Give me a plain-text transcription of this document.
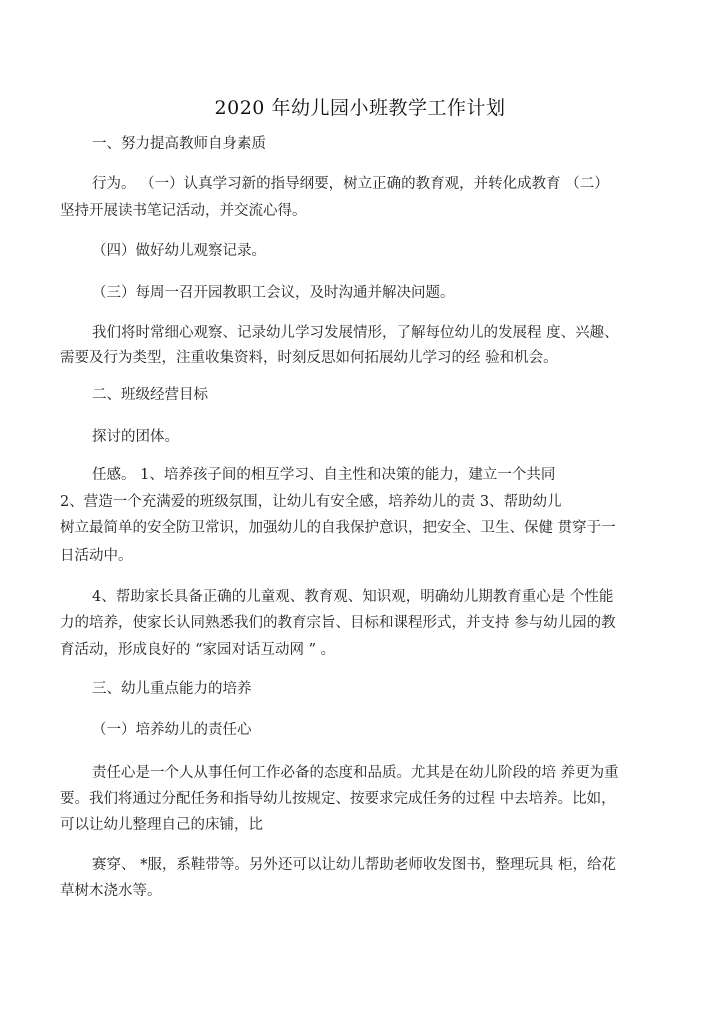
2020 年幼儿园小班教学工作计划
一、努力提高教师自身素质
行为。 （一）认真学习新的指导纲要，树立正确的教育观，并转化成教育 （二）
坚持开展读书笔记活动，并交流心得。
（四）做好幼儿观察记录。
（三）每周一召开园教职工会议，及时沟通并解决问题。
我们将时常细心观察、记录幼儿学习发展情形，了解每位幼儿的发展程 度、兴趣、
需要及行为类型，注重收集资料，时刻反思如何拓展幼儿学习的经 验和机会。
二、班级经营目标
探讨的团体。
任感。 1、培养孩子间的相互学习、自主性和决策的能力，建立一个共同
2、营造一个充满爱的班级氛围，让幼儿有安全感，培养幼儿的责 3、帮助幼儿
树立最简单的安全防卫常识，加强幼儿的自我保护意识，把安全、卫生、保健 贯穿于一
日活动中。
4、帮助家长具备正确的儿童观、教育观、知识观，明确幼儿期教育重心是 个性能
力的培养，使家长认同熟悉我们的教育宗旨、目标和课程形式，并支持 参与幼儿园的教
育活动，形成良好的 “家园对话互动网 ” 。
三、幼儿重点能力的培养
（一）培养幼儿的责任心
责任心是一个人从事任何工作必备的态度和品质。尤其是在幼儿阶段的培 养更为重
要。我们将通过分配任务和指导幼儿按规定、按要求完成任务的过程 中去培养。比如，
可以让幼儿整理自己的床铺，比
赛穿、 *服，系鞋带等。另外还可以让幼儿帮助老师收发图书，整理玩具 柜，给花
草树木浇水等。
